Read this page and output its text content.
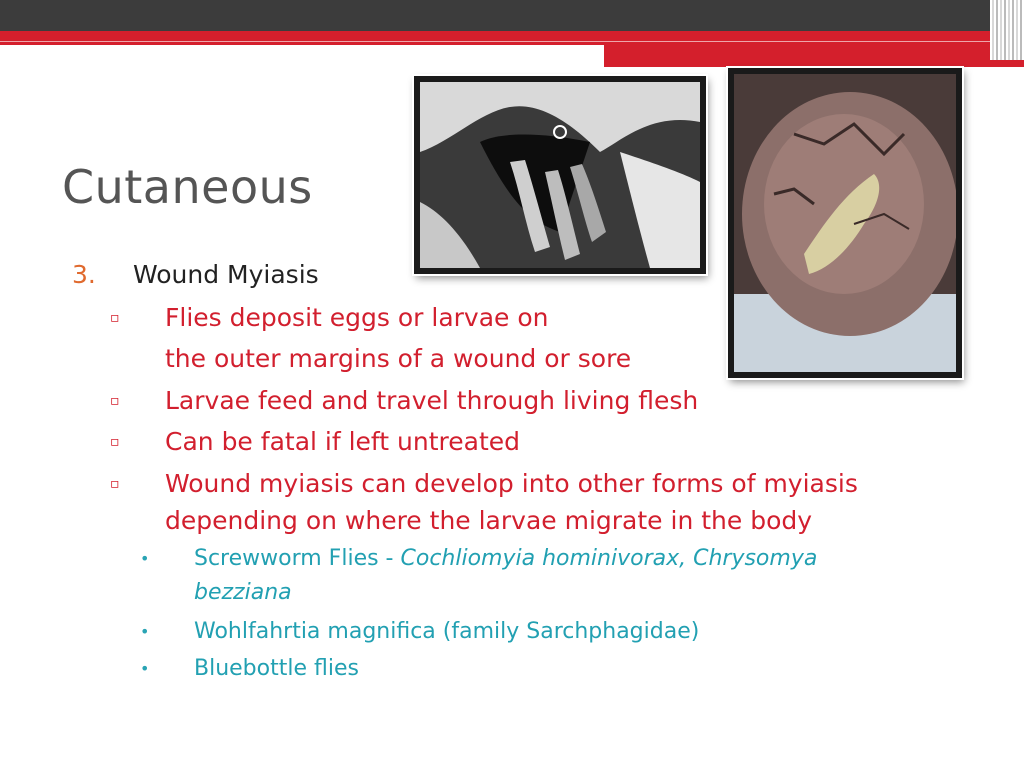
Cutaneous
3. Wound Myiasis
▫ Flies deposit eggs or larvae on
the outer margins of a wound or sore
▫ Larvae feed and travel through living flesh
▫ Can be fatal if left untreated
▫ Wound myiasis can develop into other forms of myiasis
depending on where the larvae migrate in the body
• Screwworm Flies - Cochliomyia hominivorax, Chrysomya
bezziana
• Wohlfahrtia magnifica (family Sarchphagidae)
• Bluebottle flies
